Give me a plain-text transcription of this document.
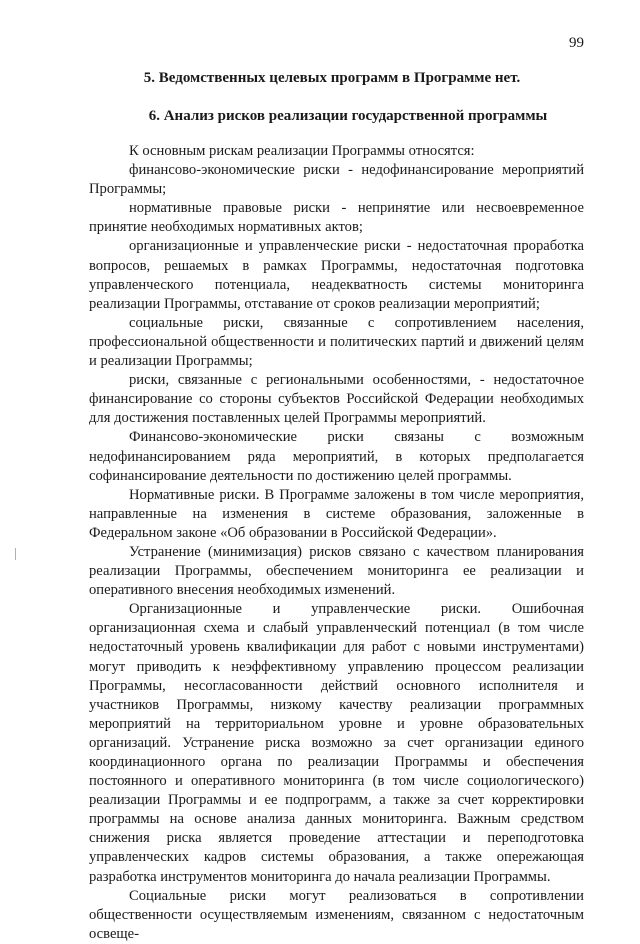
99
5. Ведомственных целевых программ в Программе нет.
6. Анализ рисков реализации государственной программы

К основным рискам реализации Программы относятся:

финансово-экономические риски - недофинансирование мероприятий Программы;

нормативные правовые риски - непринятие или несвоевременное принятие необходимых нормативных актов;

организационные и управленческие риски - недостаточная проработка вопросов, решаемых в рамках Программы, недостаточная подготовка управленческого потенциала, неадекватность системы мониторинга реализации Программы, отставание от сроков реализации мероприятий;

социальные риски, связанные с сопротивлением населения, профессиональной общественности и политических партий и движений целям и реализации Программы;

риски, связанные с региональными особенностями, - недостаточное финансирование со стороны субъектов Российской Федерации необходимых для достижения поставленных целей Программы мероприятий.

Финансово-экономические риски связаны с возможным недофинансированием ряда мероприятий, в которых предполагается софинансирование деятельности по достижению целей программы.

Нормативные риски. В Программе заложены в том числе мероприятия, направленные на изменения в системе образования, заложенные в Федеральном законе «Об образовании в Российской Федерации».

Устранение (минимизация) рисков связано с качеством планирования реализации Программы, обеспечением мониторинга ее реализации и оперативного внесения необходимых изменений.

Организационные и управленческие риски. Ошибочная организационная схема и слабый управленческий потенциал (в том числе недостаточный уровень квалификации для работ с новыми инструментами) могут приводить к неэффективному управлению процессом реализации Программы, несогласованности действий основного исполнителя и участников Программы, низкому качеству реализации программных мероприятий на территориальном уровне и уровне образовательных организаций. Устранение риска возможно за счет организации единого координационного органа по реализации Программы и обеспечения постоянного и оперативного мониторинга (в том числе социологического) реализации Программы и ее подпрограмм, а также за счет корректировки программы на основе анализа данных мониторинга. Важным средством снижения риска является проведение аттестации и переподготовка управленческих кадров системы образования, а также опережающая разработка инструментов мониторинга до начала реализации Программы.

Социальные риски могут реализоваться в сопротивлении общественности осуществляемым изменениям, связанном с недостаточным освеще-
